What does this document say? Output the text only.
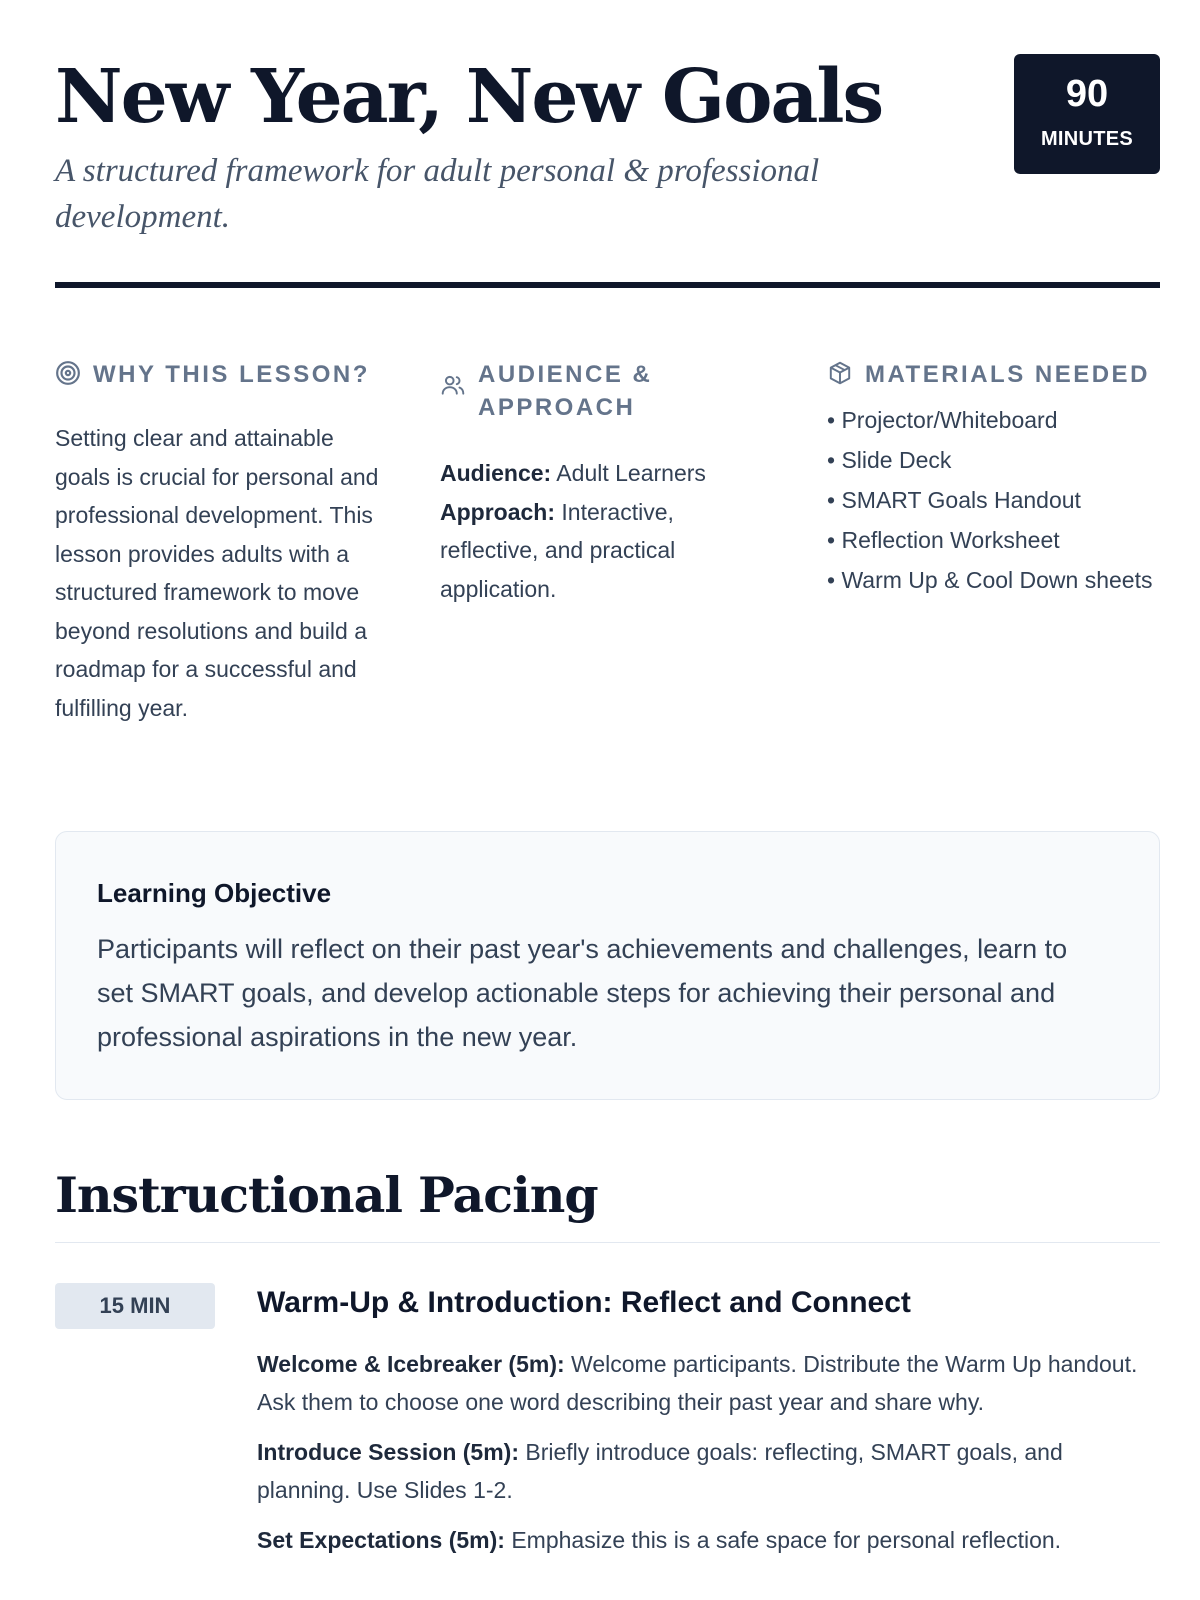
New Year, New Goals
A structured framework for adult personal & professional development.
90
MINUTES
WHY THIS LESSON?
Setting clear and attainable goals is crucial for personal and professional development. This lesson provides adults with a structured framework to move beyond resolutions and build a roadmap for a successful and fulfilling year.
AUDIENCE & APPROACH
Audience: Adult Learners
Approach: Interactive, reflective, and practical application.
MATERIALS NEEDED
• Projector/Whiteboard
• Slide Deck
• SMART Goals Handout
• Reflection Worksheet
• Warm Up & Cool Down sheets
Learning Objective
Participants will reflect on their past year's achievements and challenges, learn to set SMART goals, and develop actionable steps for achieving their personal and professional aspirations in the new year.
Instructional Pacing
15 MIN	Warm-Up & Introduction: Reflect and Connect
Welcome & Icebreaker (5m): Welcome participants. Distribute the Warm Up handout. Ask them to choose one word describing their past year and share why.
Introduce Session (5m): Briefly introduce goals: reflecting, SMART goals, and planning. Use Slides 1-2.
Set Expectations (5m): Emphasize this is a safe space for personal reflection.
